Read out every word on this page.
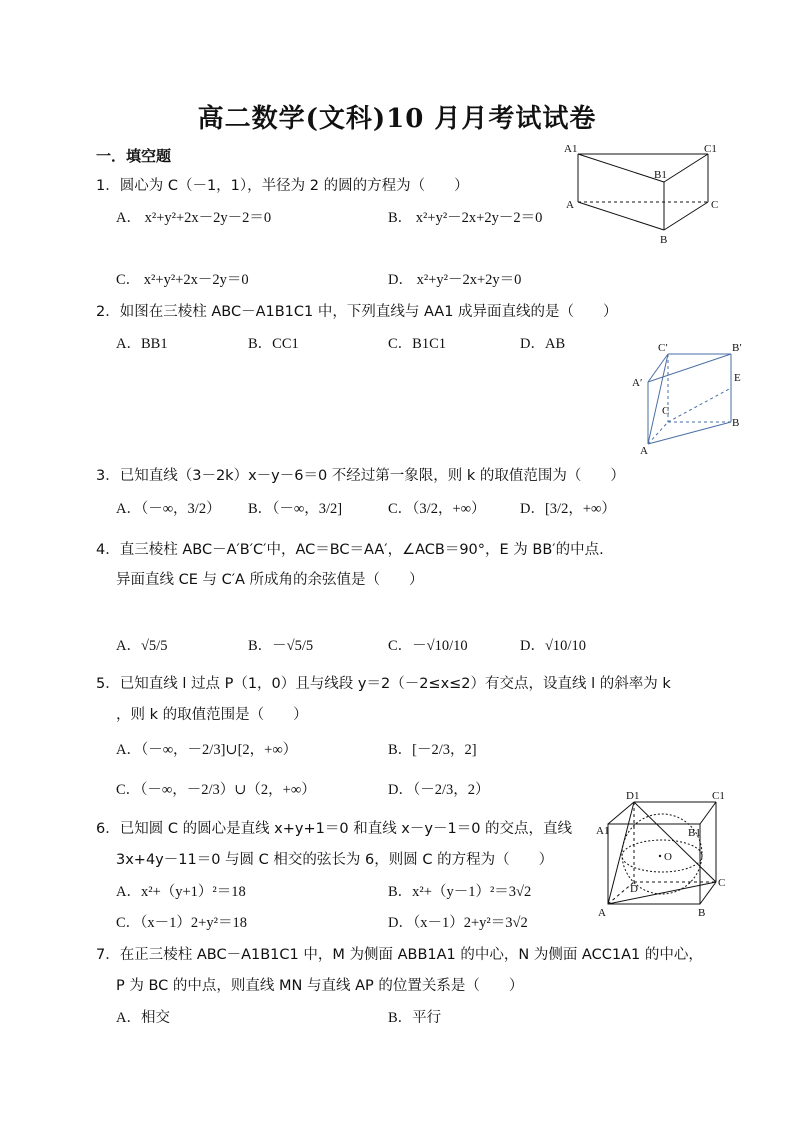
高二数学(文科)10 月月考试试卷
一．填空题
1．圆心为 C（－1，1），半径为 2 的圆的方程为（　　）
A． x²+y²+2x－2y－2＝0	B． x²+y²－2x+2y－2＝0
C． x²+y²+2x－2y＝0	D． x²+y²－2x+2y＝0
2．如图在三棱柱 ABC－A1B1C1 中，下列直线与 AA1 成异面直线的是（　　）
A．BB1	B．CC1	C．B1C1	D．AB
3．已知直线（3－2k）x－y－6＝0 不经过第一象限，则 k 的取值范围为（　　）
A．（－∞，3/2） B．（－∞，3/2]	C．（3/2，+∞） D．[3/2，+∞）
4．直三棱柱 ABC－A′B′C′中，AC＝BC＝AA′，∠ACB＝90°，E 为 BB′的中点.
异面直线 CE 与 C′A 所成角的余弦值是（　　）
A．√5/5	B．－√5/5	C．－√10/10	D．√10/10
5．已知直线 l 过点 P（1，0）且与线段 y＝2（－2≤x≤2）有交点，设直线 l 的斜率为 k
，则 k 的取值范围是（　　）
A．（－∞，－2/3]∪[2，+∞）	B．[－2/3，2]
C．（－∞，－2/3）∪（2，+∞）	D．（－2/3，2）
6．已知圆 C 的圆心是直线 x+y+1＝0 和直线 x－y－1＝0 的交点，直线
3x+4y－11＝0 与圆 C 相交的弦长为 6，则圆 C 的方程为（　　）
A．x²+（y+1）²＝18	B．x²+（y－1）²＝3√2
C．（x－1）2+y²＝18	D．（x－1）2+y²＝3√2
7．在正三棱柱 ABC－A1B1C1 中，M 为侧面 ABB1A1 的中心，N 为侧面 ACC1A1 的中心，
P 为 BC 的中点，则直线 MN 与直线 AP 的位置关系是（　　）
A．相交	B．平行
A1	C1
B1
A	C
B
C′	B′
A′	E
C
B
A
D1	C1
A1	B1
O
D	C
A	B
